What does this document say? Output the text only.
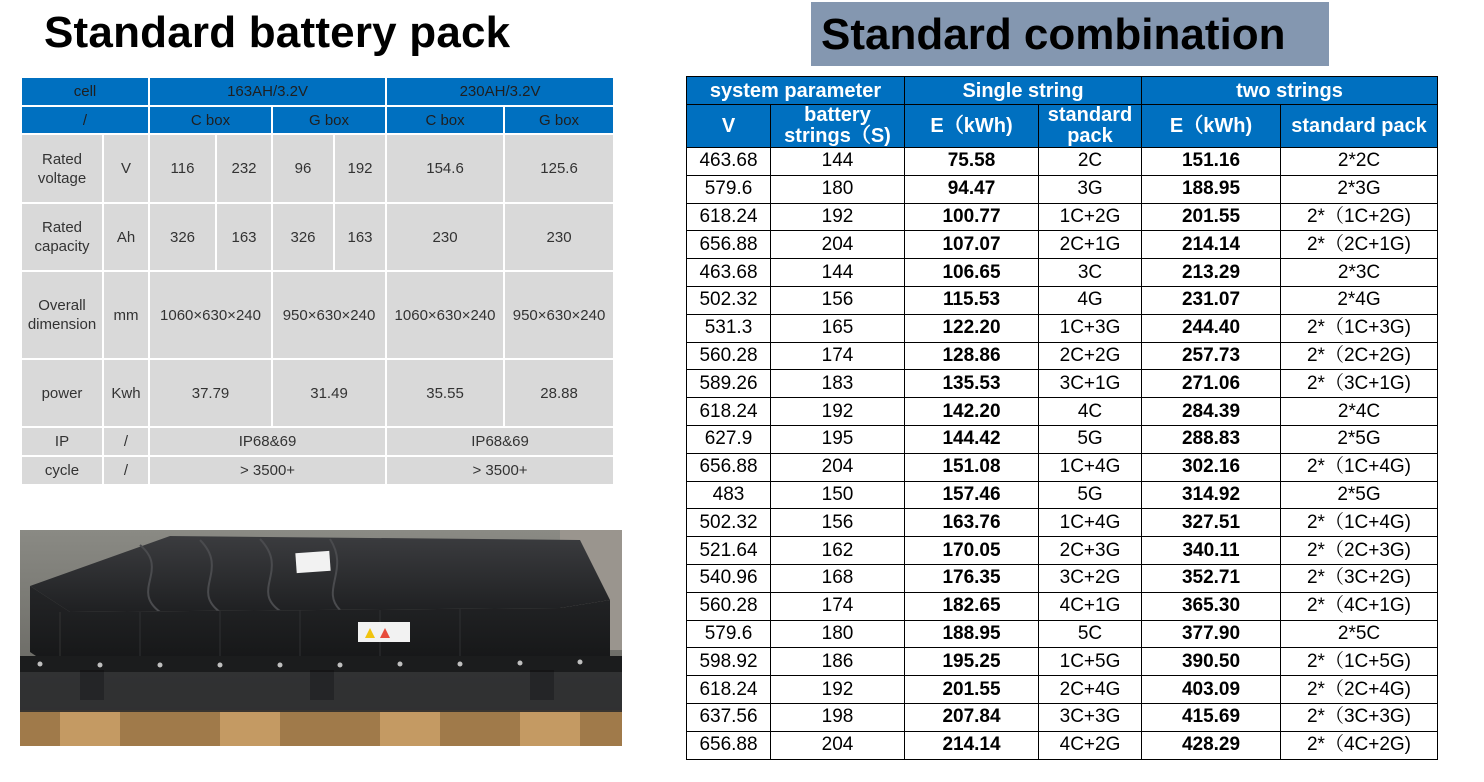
Standard battery pack
cell		163AH/3.2V				230AH/3.2V	
/		C box		G box		C box	G box
Rated voltage	V	116	232	96	192	154.6	125.6
Rated capacity	Ah	326	163	326	163	230	230
Overall dimension	mm	1060×630×240		950×630×240		1060×630×240	950×630×240
power	Kwh	37.79		31.49		35.55	28.88
IP	/	IP68&69				IP68&69	
cycle	/	> 3500+				> 3500+	
Standard combination
system parameter		Single string		two strings	
V	battery strings（S)	E（kWh)	standard pack	E（kWh)	standard pack
463.68	144	75.58	2C	151.16	2*2C
579.6	180	94.47	3G	188.95	2*3G
618.24	192	100.77	1C+2G	201.55	2*（1C+2G)
656.88	204	107.07	2C+1G	214.14	2*（2C+1G)
463.68	144	106.65	3C	213.29	2*3C
502.32	156	115.53	4G	231.07	2*4G
531.3	165	122.20	1C+3G	244.40	2*（1C+3G)
560.28	174	128.86	2C+2G	257.73	2*（2C+2G)
589.26	183	135.53	3C+1G	271.06	2*（3C+1G)
618.24	192	142.20	4C	284.39	2*4C
627.9	195	144.42	5G	288.83	2*5G
656.88	204	151.08	1C+4G	302.16	2*（1C+4G)
483	150	157.46	5G	314.92	2*5G
502.32	156	163.76	1C+4G	327.51	2*（1C+4G)
521.64	162	170.05	2C+3G	340.11	2*（2C+3G)
540.96	168	176.35	3C+2G	352.71	2*（3C+2G)
560.28	174	182.65	4C+1G	365.30	2*（4C+1G)
579.6	180	188.95	5C	377.90	2*5C
598.92	186	195.25	1C+5G	390.50	2*（1C+5G)
618.24	192	201.55	2C+4G	403.09	2*（2C+4G)
637.56	198	207.84	3C+3G	415.69	2*（3C+3G)
656.88	204	214.14	4C+2G	428.29	2*（4C+2G)
